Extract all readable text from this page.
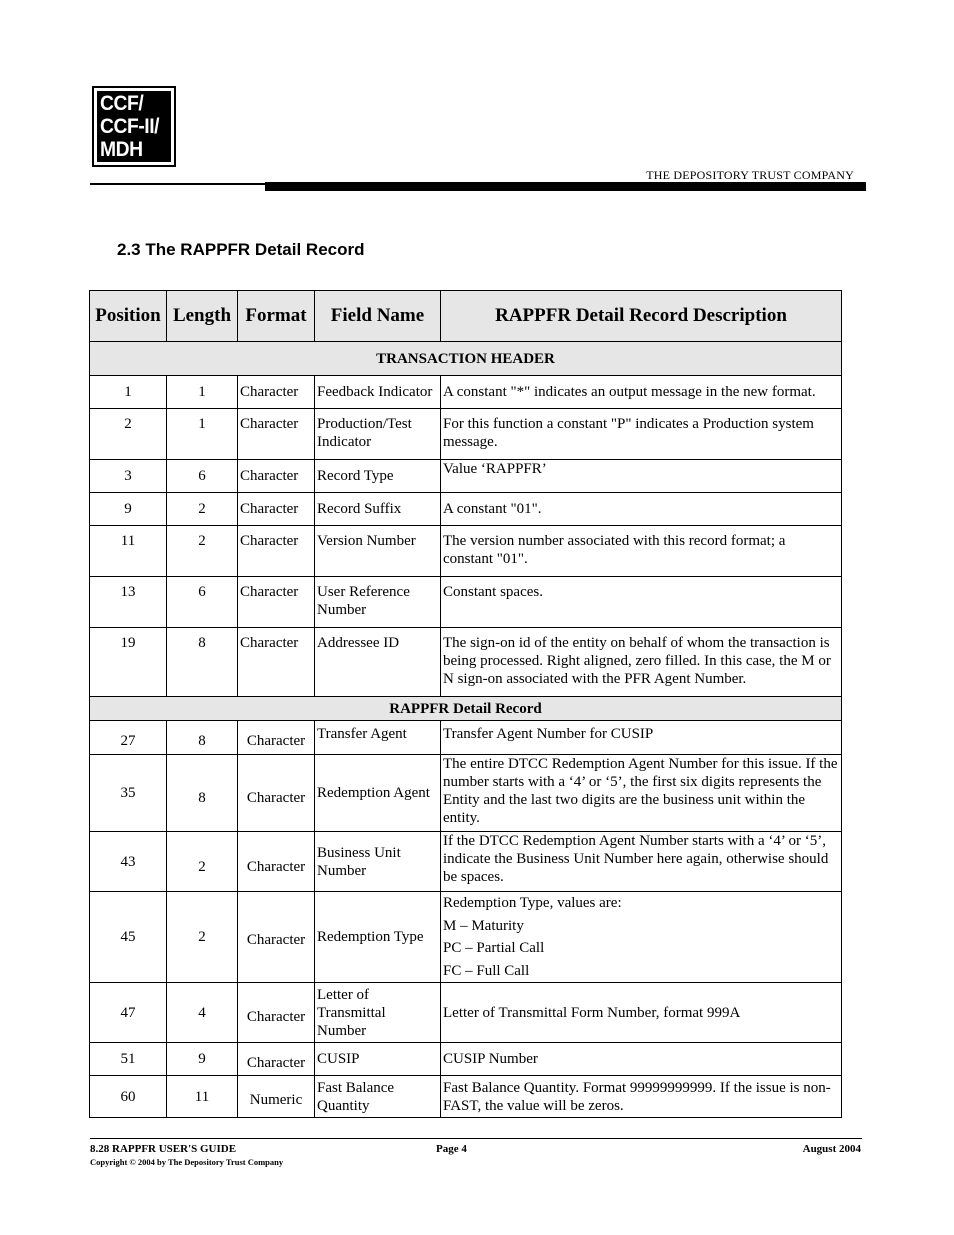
CCF/
CCF-II/
MDH
THE DEPOSITORY TRUST COMPANY
2.3 The RAPPFR Detail Record
Position	Length	Format	Field Name	RAPPFR Detail Record Description
TRANSACTION HEADER				
1	1	Character	Feedback Indicator	A constant "*" indicates an output message in the new format.
2	1	Character	Production/Test Indicator	For this function a constant "P" indicates a Production system message.
3	6	Character	Record Type	Value ‘RAPPFR’
9	2	Character	Record Suffix	A constant "01".
11	2	Character	Version Number	The version number associated with this record format; a constant "01".
13	6	Character	User Reference Number	Constant spaces.
19	8	Character	Addressee ID	The sign-on id of the entity on behalf of whom the transaction is being processed. Right aligned, zero filled. In this case, the M or N sign-on associated with the PFR Agent Number.
RAPPFR Detail Record				
27	8	Character	Transfer Agent	Transfer Agent Number for CUSIP
35	8	Character	Redemption Agent	The entire DTCC Redemption Agent Number for this issue. If the number starts with a ‘4’ or ‘5’, the first six digits represents the Entity and the last two digits are the business unit within the entity.
43	2	Character	Business Unit Number	If the DTCC Redemption Agent Number starts with a ‘4’ or ‘5’, indicate the Business Unit Number here again, otherwise should be spaces.
45	2	Character	Redemption Type	Redemption Type, values are:
M – Maturity
PC – Partial Call
FC – Full Call

47	4	Character	Letter of Transmittal Number	Letter of Transmittal Form Number, format 999A
51	9	Character	CUSIP	CUSIP Number
60	11	Numeric	Fast Balance Quantity	Fast Balance Quantity. Format 99999999999. If the issue is non-FAST, the value will be zeros.
8.28 RAPPFR USER'S GUIDE	Page 4	August 2004
Copyright © 2004 by The Depository Trust Company
